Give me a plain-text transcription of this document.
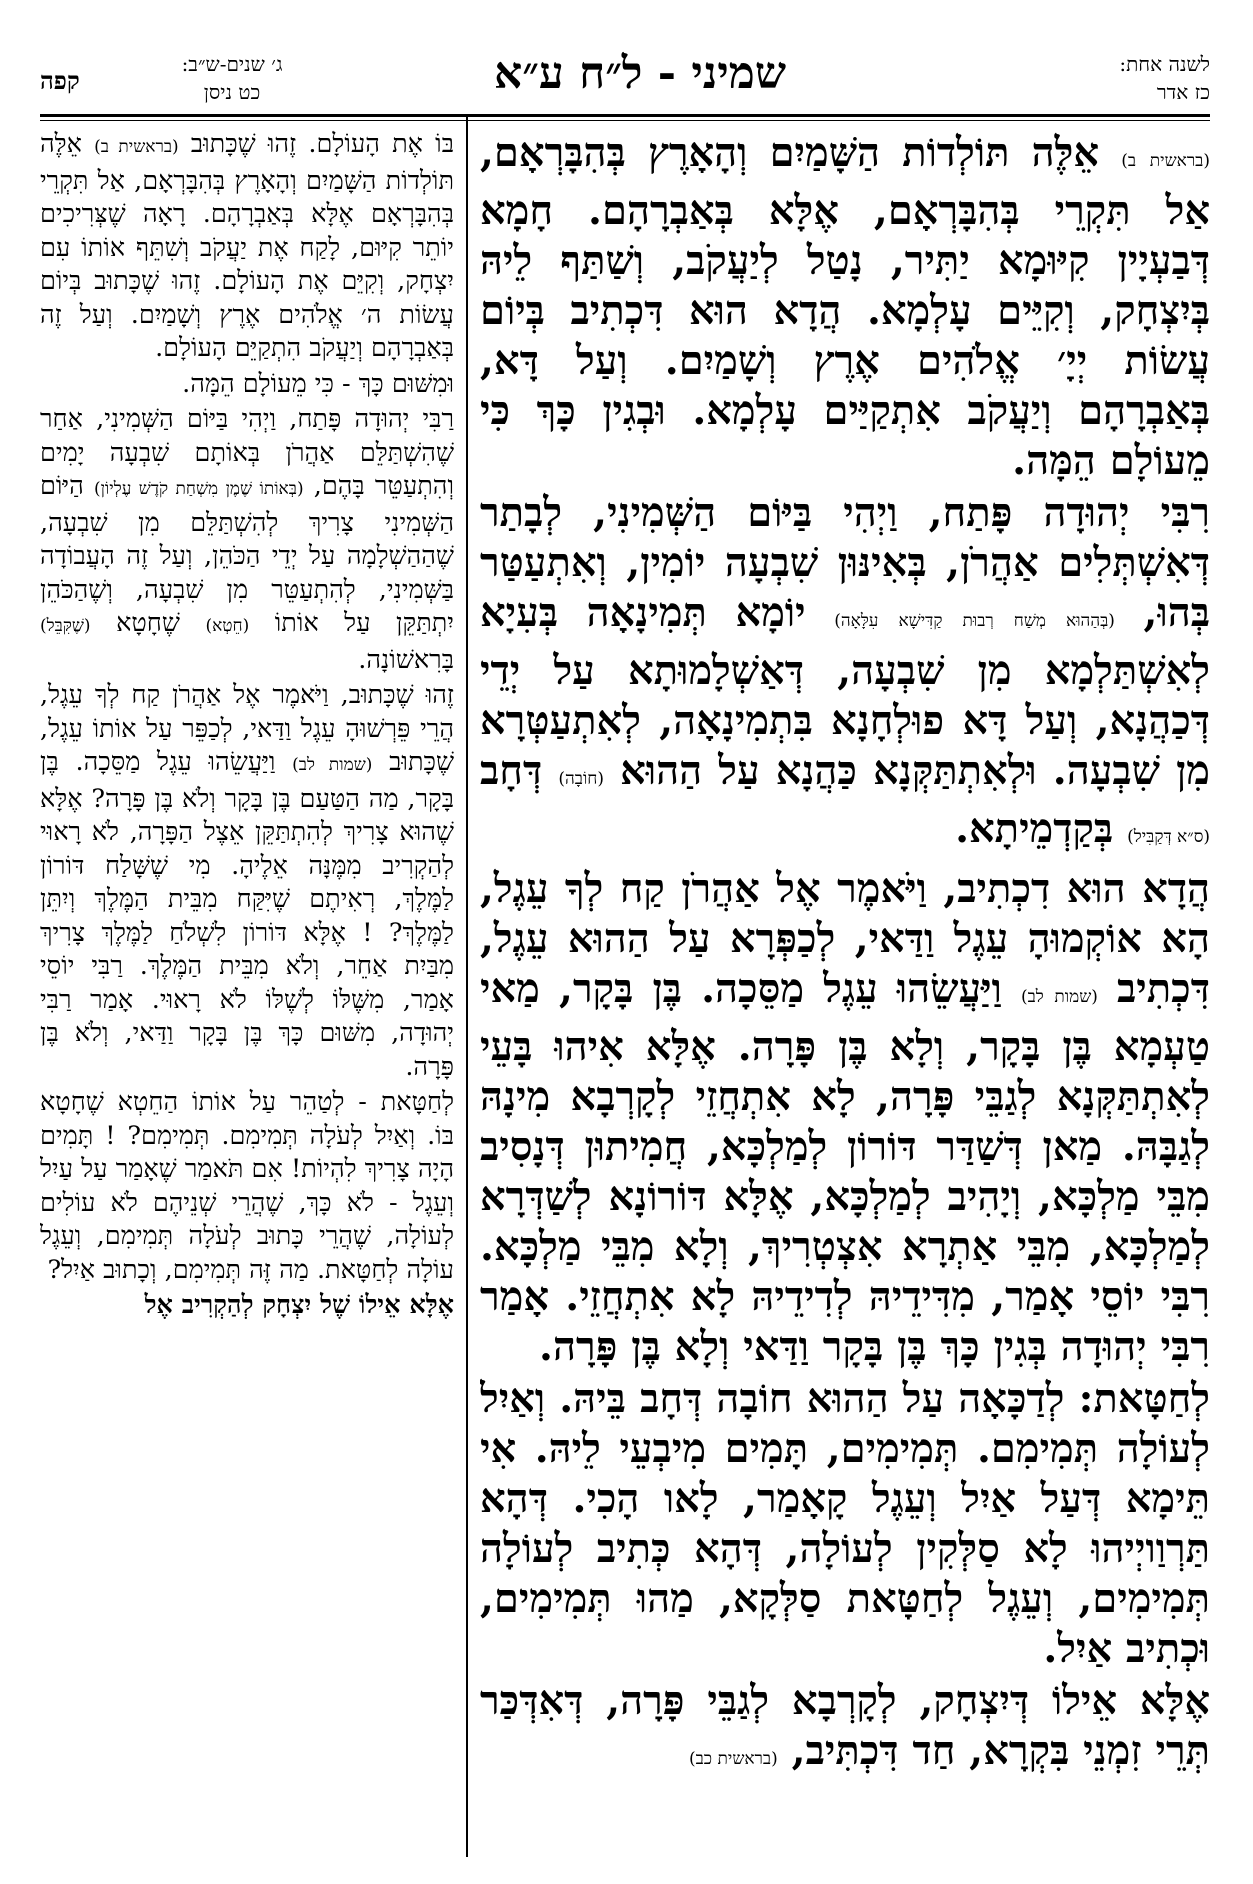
קפה
ג׳ שנים-ש״ב:
כט ניסן	שמיני - ל״ח ע״א	לשנה אחת:
כז אדר

(בראשית ב) אֵלֶּה תּוֹלְדוֹת הַשָּׁמַיִם וְהָאָרֶץ בְּהִבָּרְאָם, אַל תִּקְרֵי בְּהִבָּרְאָם, אֶלָּא בְּאַבְרָהָם. חָמָא דְּבַעְיָין קִיּוּמָא יַתִּיר, נָטַל לְיַעֲקֹב, וְשַׁתַּף לֵיהּ בְּיִצְחָק, וְקִיֵּים עָלְמָא. הֲדָא הוּא דִּכְתִיב בְּיוֹם עֲשׂוֹת יְיָ׳ אֱלֹהִים אֶרֶץ וְשָׁמַיִם. וְעַל דָּא, בְּאַבְרָהָם וְיַעֲקֹב אִתְקַיַּים עָלְמָא. וּבְגִין כָּךְ כִּי מֵעוֹלָם הֵמָּה.

רִבִּי יְהוּדָה פָּתַח, וַיְהִי בַּיּוֹם הַשְּׁמִינִי, לְבָתַר דְּאִשְׁתְּלִים אַהֲרֹן, בְּאִינּוּן שִׁבְעָה יוֹמִין, וְאִתְעַטַּר בְּהוּ, (בְּהַהוּא מְשַׁח רְבוּת קַדִּישָׁא עִלָּאָה) יוֹמָא תְּמִינָאָה בְּעִיָא לְאִשְׁתַּלְמָא מִן שִׁבְעָה, דְּאַשְׁלָמוּתָא עַל יְדֵי דְּכַהֲנָא, וְעַל דָּא פוּלְחָנָא בִּתְמִינָאָה, לְאִתְעַטְּרָא מִן שִׁבְעָה. וּלְאִתְתַּקְּנָא כַּהֲנָא עַל הַהוּא (חוֹבָה) דְּחָב (ס״א דְּקַבִּיל) בְּקַדְמֵיתָא.

הֲדָא הוּא דִכְתִיב, וַיֹּאמֶר אֶל אַהֲרֹן קַח לְךָ עֵגֶל, הָא אוֹקְמוּהָ עֵגֶל וַדַּאי, לְכַפְּרָא עַל הַהוּא עֵגֶל, דִּכְתִיב (שמות לב) וַיַּעֲשֵׂהוּ עֵגֶל מַסֵּכָה. בֶּן בָּקָר, מַאי טַעְמָא בֶּן בָּקָר, וְלָא בֶּן פָּרָה. אֶלָּא אִיהוּ בָּעֵי לְאִתְתַּקְּנָא לְגַבֵּי פָּרָה, לָא אִתְחֲזֵי לְקָרְבָא מִינָהּ לְגַבָּהּ. מַאן דְּשַׁדַּר דּוֹרוֹן לְמַלְכָּא, חֲמִיתוּן דְּנָסִיב מִבֵּי מַלְכָּא, וְיָהִיב לְמַלְכָּא, אֶלָּא דּוֹרוֹנָא לְשַׁדְּרָא לְמַלְכָּא, מִבֵּי אַתְרָא אִצְטְרִיךְ, וְלָא מִבֵּי מַלְכָּא. רִבִּי יוֹסֵי אָמַר, מִדִּידֵיהּ לְדִידֵיהּ לָא אִתְחֲזֵי. אָמַר רִבִּי יְהוּדָה בְּגִין כָּךְ בֶּן בָּקָר וַדַּאי וְלָא בֶּן פָּרָה.

לְחַטָּאת: לְדַכָּאָה עַל הַהוּא חוֹבָה דְּחָב בֵּיהּ. וְאַיִל לְעוֹלָה תְּמִימִם. תְּמִימִים, תָּמִים מִיבְעֵי לֵיהּ. אִי תֵּימָא דְּעַל אַיִל וְעֵגֶל קָאָמַר, לָאו הָכִי. דְּהָא תַּרְוַויְיהוּ לָא סַלְּקִין לְעוֹלָה, דְּהָא כְּתִיב לְעוֹלָה תְּמִימִים, וְעֵגֶל לְחַטָּאת סַלְּקָא, מַהוּ תְּמִימִים, וּכְתִיב אַיִל.

אֶלָּא אֵילוֹ דְּיִצְחָק, לְקָרְבָא לְגַבֵּי פָּרָה, דְּאִדְּכַּר תְּרֵי זִמְנֵי בִּקְרָא, חַד דִּכְתִּיב, (בראשית כב)

בּוֹ אֶת הָעוֹלָם. זֶהוּ שֶׁכָּתוּב (בראשית ב) אֵלֶּה תּוֹלְדוֹת הַשָּׁמַיִם וְהָאָרֶץ בְּהִבָּרְאָם, אַל תִּקְרֵי בְּהִבָּרְאָם אֶלָּא בְּאַבְרָהָם. רָאָה שֶׁצְּרִיכִים יוֹתֵר קִיּוּם, לָקַח אֶת יַעֲקֹב וְשִׁתֵּף אוֹתוֹ עִם יִצְחָק, וְקִיֵּם אֶת הָעוֹלָם. זֶהוּ שֶׁכָּתוּב בְּיוֹם עֲשׂוֹת ה׳ אֱלֹהִים אֶרֶץ וְשָׁמַיִם. וְעַל זֶה בְּאַבְרָהָם וְיַעֲקֹב הִתְקַיֵּם הָעוֹלָם.

וּמִשּׁוּם כָּךְ - כִּי מֵעוֹלָם הֵמָּה.

רַבִּי יְהוּדָה פָּתַח, וַיְהִי בַּיּוֹם הַשְּׁמִינִי, אַחַר שֶׁהִשְׁתַּלֵּם אַהֲרֹן בְּאוֹתָם שִׁבְעָה יָמִים וְהִתְעַטֵּר בָּהֶם, (בְּאוֹתוֹ שֶׁמֶן מִשְׁחַת קֹדֶשׁ עֶלְיוֹן) הַיּוֹם הַשְּׁמִינִי צָרִיךְ לְהִשְׁתַּלֵּם מִן שִׁבְעָה, שֶׁהַהַשְׁלָמָה עַל יְדֵי הַכֹּהֵן, וְעַל זֶה הָעֲבוֹדָה בַּשְּׁמִינִי, לְהִתְעַטֵּר מִן שִׁבְעָה, וְשֶׁהַכֹּהֵן יִתְתַּקֵּן עַל אוֹתוֹ (חֵטְא) שֶׁחָטָא (שֶׁקִּבֵּל) בָּרִאשׁוֹנָה.

זֶהוּ שֶׁכָּתוּב, וַיֹּאמֶר אֶל אַהֲרֹן קַח לְךָ עֵגֶל, הֲרֵי פֵּרְשׁוּהָ עֵגֶל וַדַּאי, לְכַפֵּר עַל אוֹתוֹ עֵגֶל, שֶׁכָּתוּב (שמות לב) וַיַּעֲשֵׂהוּ עֵגֶל מַסֵּכָה. בֶּן בָּקָר, מַה הַטַּעַם בֶּן בָּקָר וְלֹא בֶּן פָּרָה? אֶלָּא שֶׁהוּא צָרִיךְ לְהִתְתַּקֵּן אֵצֶל הַפָּרָה, לֹא רָאוּי לְהַקְרִיב מִמֶּנָּה אֵלֶיהָ. מִי שֶׁשָּׁלַח דּוֹרוֹן לַמֶּלֶךְ, רְאִיתֶם שֶׁיִּקַּח מִבֵּית הַמֶּלֶךְ וְיִתֵּן לַמֶּלֶךְ? ! אֶלָּא דּוֹרוֹן לִשְׁלֹחַ לַמֶּלֶךְ צָרִיךְ מִבַּיִת אַחֵר, וְלֹא מִבֵּית הַמֶּלֶךְ. רַבִּי יוֹסֵי אָמַר, מִשֶּׁלּוֹ לְשֶׁלּוֹ לֹא רָאוּי. אָמַר רַבִּי יְהוּדָה, מִשּׁוּם כָּךְ בֶּן בָּקָר וַדַּאי, וְלֹא בֶּן פָּרָה.

לְחַטָּאת - לְטַהֵר עַל אוֹתוֹ הַחֵטְא שֶׁחָטָא בּוֹ. וְאַיִל לְעֹלָה תְּמִימִם. תְּמִימִם? ! תָּמִים הָיָה צָרִיךְ לִהְיוֹת! אִם תֹּאמַר שֶׁאָמַר עַל עַיִל וְעֵגֶל - לֹא כָּךְ, שֶׁהֲרֵי שְׁנֵיהֶם לֹא עוֹלִים לְעוֹלָה, שֶׁהֲרֵי כָּתוּב לְעֹלָה תְּמִימִם, וְעֵגֶל עוֹלָה לְחַטָּאת. מַה זֶּה תְּמִימִם, וְכָתוּב אַיִל?

אֶלָּא אֵילוֹ שֶׁל יִצְחָק לְהַקְרִיב אֶל
